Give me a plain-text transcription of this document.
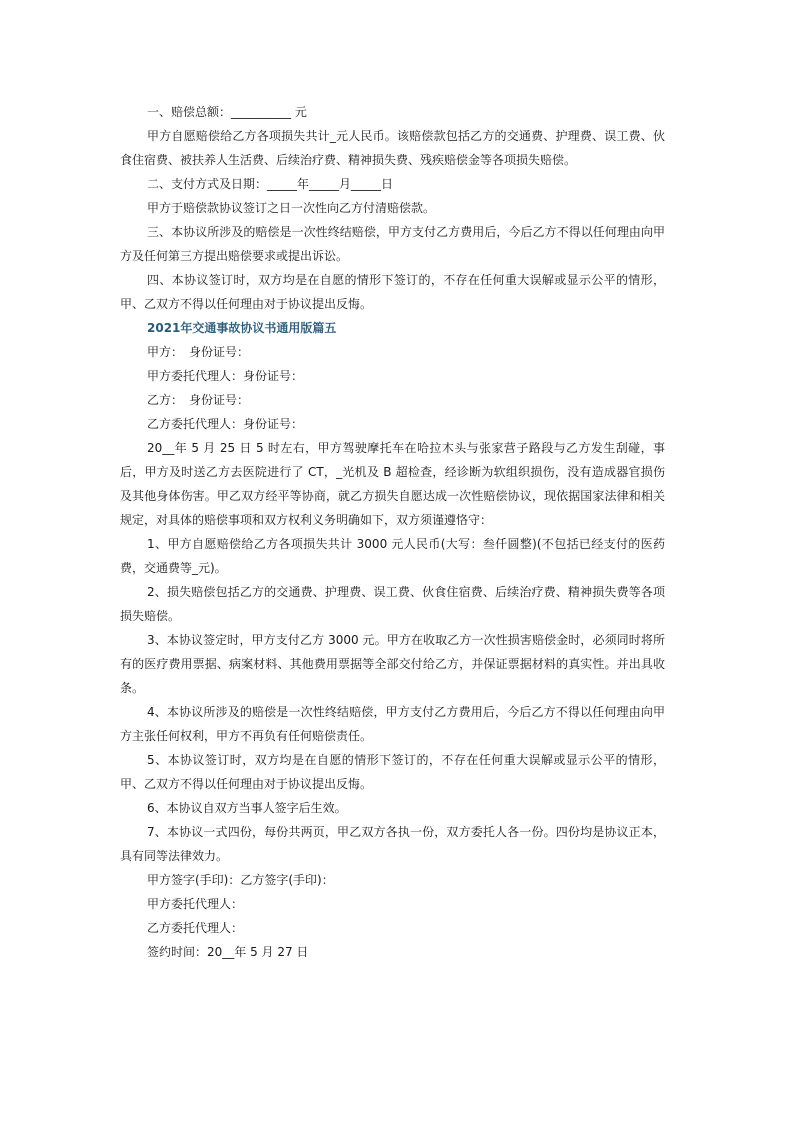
一、赔偿总额：__________ 元

甲方自愿赔偿给乙方各项损失共计_元人民币。该赔偿款包括乙方的交通费、护理费、误工费、伙食住宿费、被扶养人生活费、后续治疗费、精神损失费、残疾赔偿金等各项损失赔偿。

二、支付方式及日期：_____年_____月_____日

甲方于赔偿款协议签订之日一次性向乙方付清赔偿款。

三、本协议所涉及的赔偿是一次性终结赔偿，甲方支付乙方费用后，今后乙方不得以任何理由向甲方及任何第三方提出赔偿要求或提出诉讼。

四、本协议签订时，双方均是在自愿的情形下签订的，不存在任何重大误解或显示公平的情形，甲、乙双方不得以任何理由对于协议提出反悔。

2021年交通事故协议书通用版篇五

甲方：　身份证号：

甲方委托代理人：身份证号：

乙方：　身份证号：

乙方委托代理人：身份证号：

20__年 5 月 25 日 5 时左右，甲方驾驶摩托车在哈拉木头与张家营子路段与乙方发生刮碰，事后，甲方及时送乙方去医院进行了 CT，_光机及 B 超检查，经诊断为软组织损伤，没有造成器官损伤及其他身体伤害。甲乙双方经平等协商，就乙方损失自愿达成一次性赔偿协议，现依据国家法律和相关规定，对具体的赔偿事项和双方权利义务明确如下，双方须谨遵恪守：

1、甲方自愿赔偿给乙方各项损失共计 3000 元人民币(大写：叁仟圆整)(不包括已经支付的医药费，交通费等_元)。

2、损失赔偿包括乙方的交通费、护理费、误工费、伙食住宿费、后续治疗费、精神损失费等各项损失赔偿。

3、本协议签定时，甲方支付乙方 3000 元。甲方在收取乙方一次性损害赔偿金时，必须同时将所有的医疗费用票据、病案材料、其他费用票据等全部交付给乙方，并保证票据材料的真实性。并出具收条。

4、本协议所涉及的赔偿是一次性终结赔偿，甲方支付乙方费用后，今后乙方不得以任何理由向甲方主张任何权利，甲方不再负有任何赔偿责任。

5、本协议签订时，双方均是在自愿的情形下签订的，不存在任何重大误解或显示公平的情形，甲、乙双方不得以任何理由对于协议提出反悔。

6、本协议自双方当事人签字后生效。

7、本协议一式四份，每份共两页，甲乙双方各执一份，双方委托人各一份。四份均是协议正本，具有同等法律效力。

甲方签字(手印)：乙方签字(手印)：

甲方委托代理人：

乙方委托代理人：

签约时间：20__年 5 月 27 日
